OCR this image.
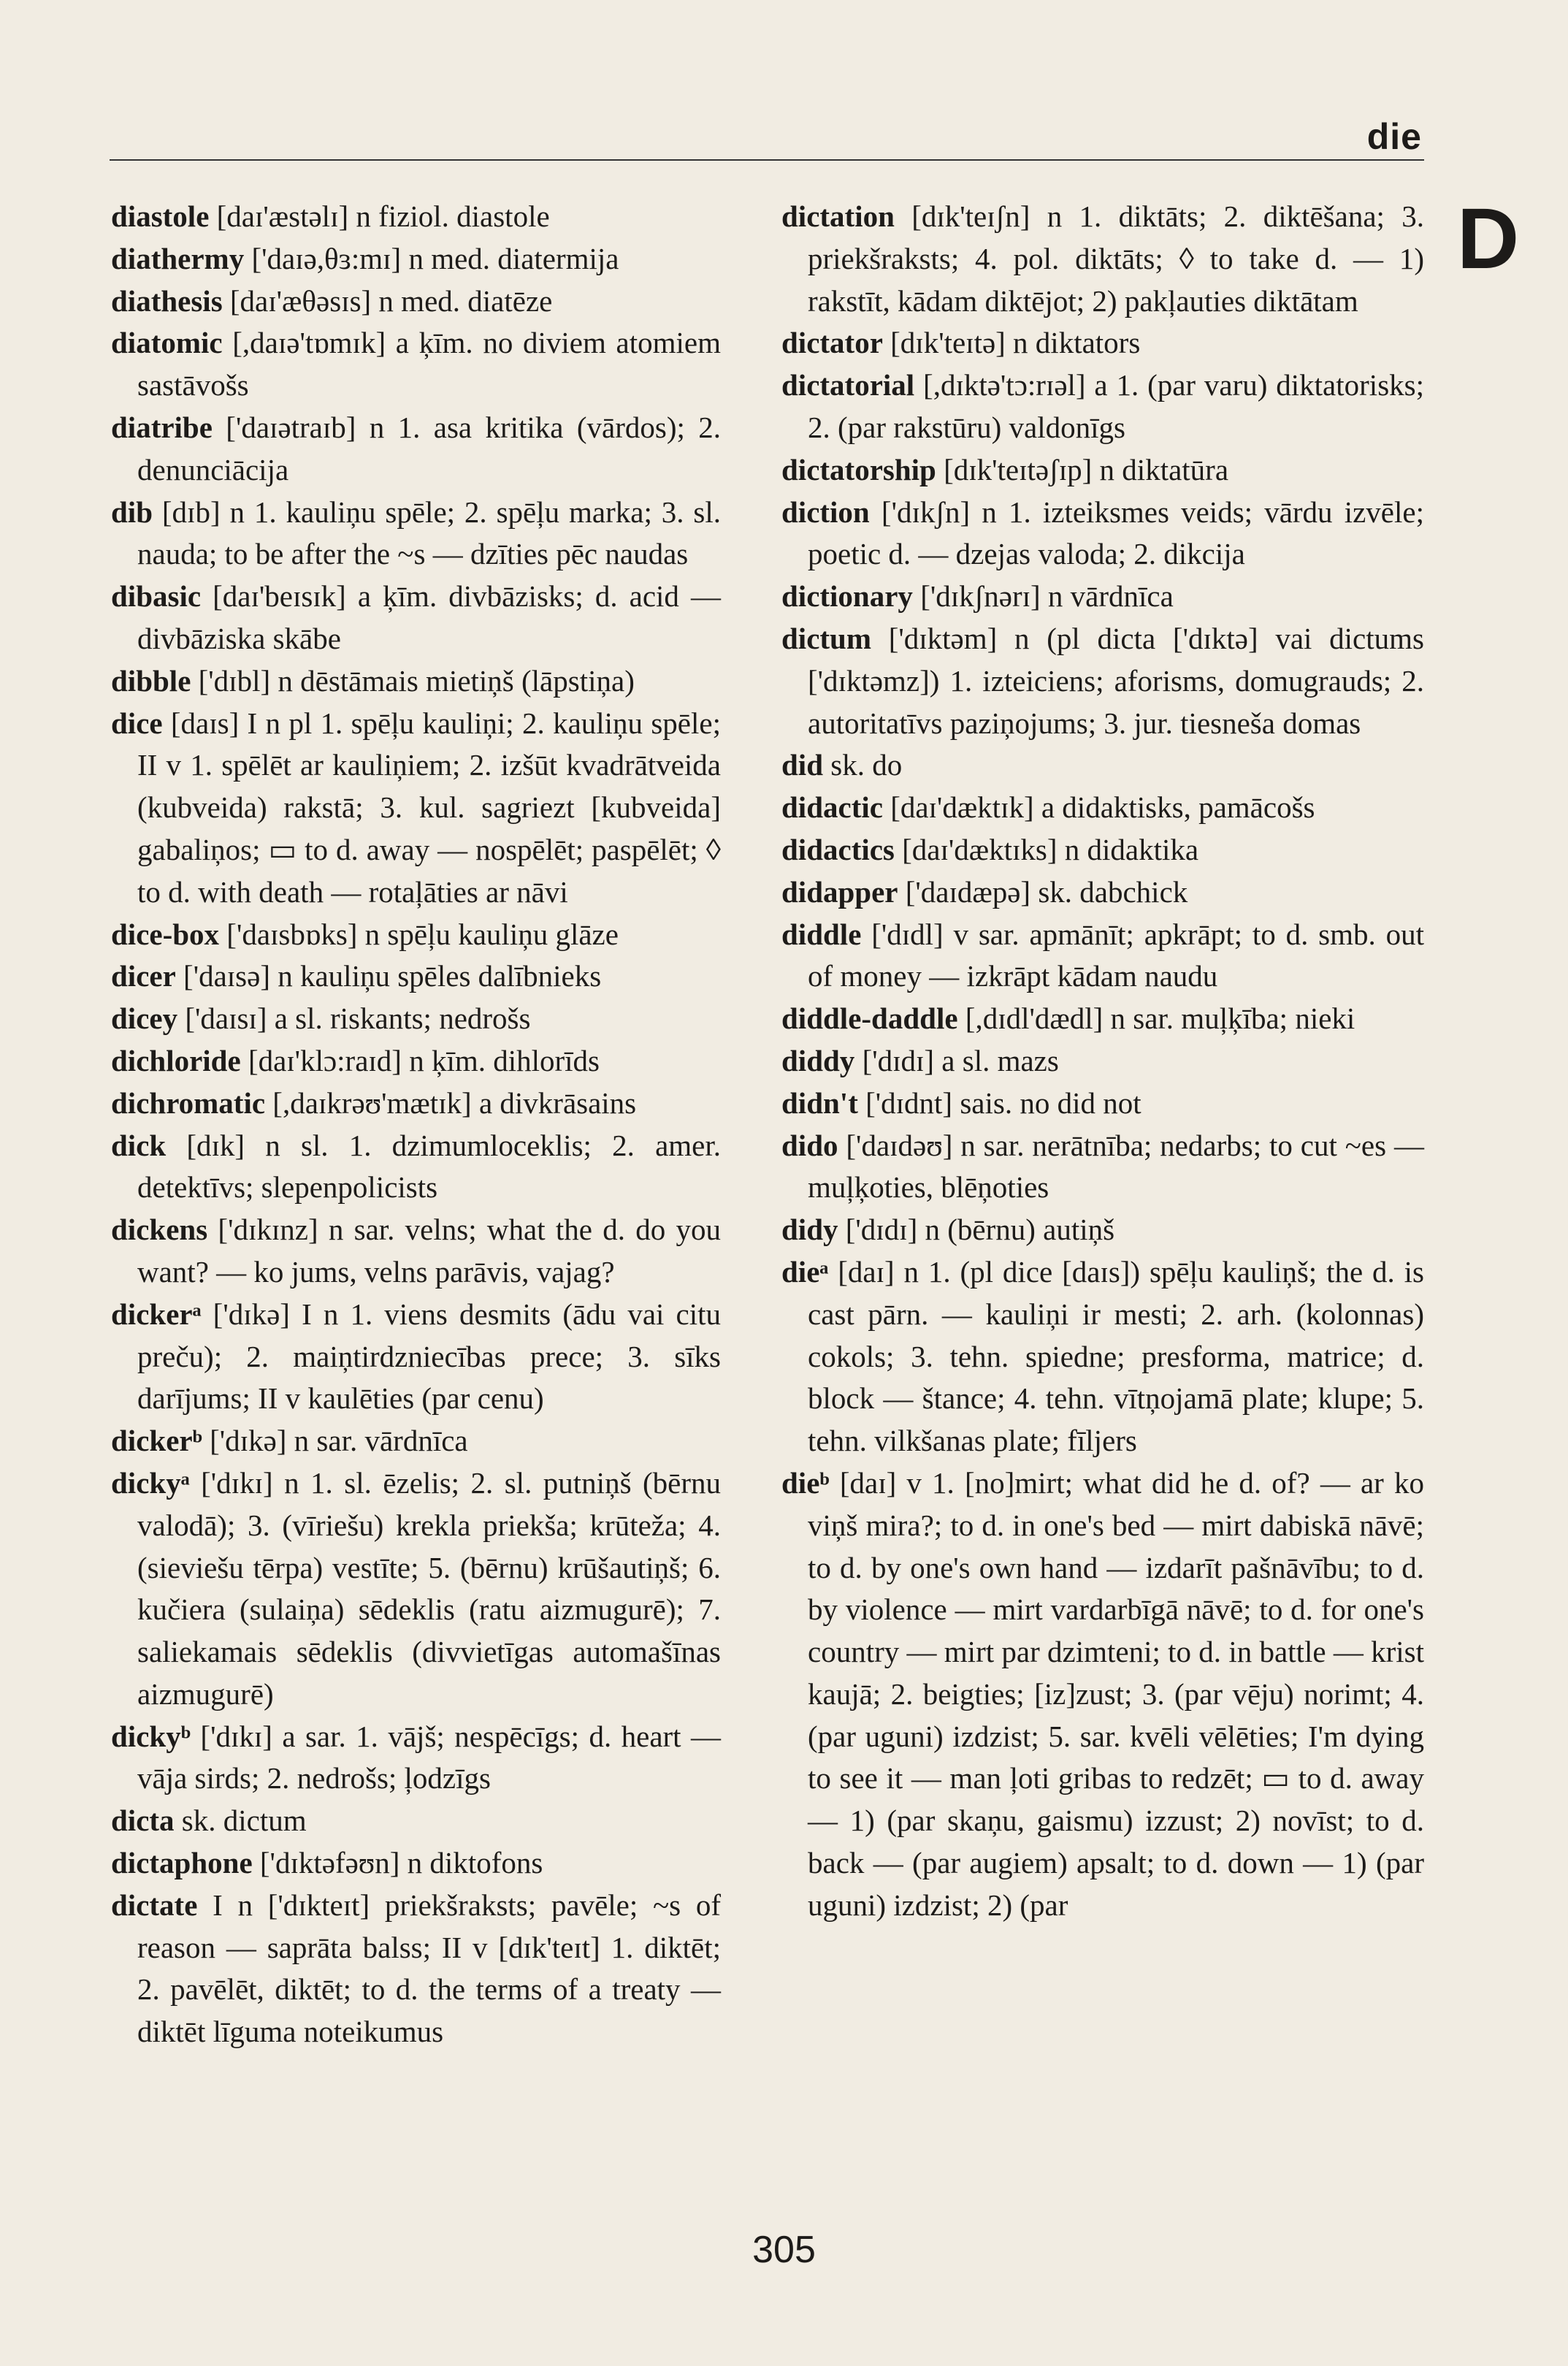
die
D

diastole [daɪ'æstəlɪ] n fiziol. diastole

diathermy ['daɪə,θɜ:mɪ] n med. diatermija

diathesis [daɪ'æθəsɪs] n med. diatēze

diatomic [,daɪə'tɒmɪk] a ķīm. no diviem atomiem sastāvošs

diatribe ['daɪətraɪb] n 1. asa kritika (vārdos); 2. denunciācija

dib [dɪb] n 1. kauliņu spēle; 2. spēļu marka; 3. sl. nauda; to be after the ~s — dzīties pēc naudas

dibasic [daɪ'beɪsɪk] a ķīm. divbāzisks; d. acid — divbāziska skābe

dibble ['dɪbl] n dēstāmais mietiņš (lāpstiņa)

dice [daɪs] I n pl 1. spēļu kauliņi; 2. kauliņu spēle; II v 1. spēlēt ar kauliņiem; 2. izšūt kvadrātveida (kubveida) rakstā; 3. kul. sagriezt [kubveida] gabaliņos; ▭ to d. away — nospēlēt; paspēlēt; ◊ to d. with death — rotaļāties ar nāvi

dice-box ['daɪsbɒks] n spēļu kauliņu glāze

dicer ['daɪsə] n kauliņu spēles dalībnieks

dicey ['daɪsɪ] a sl. riskants; nedrošs

dichloride [daɪ'klɔ:raɪd] n ķīm. dihlorīds

dichromatic [,daɪkrəʊ'mætɪk] a divkrāsains

dick [dɪk] n sl. 1. dzimumloceklis; 2. amer. detektīvs; slepenpolicists

dickens ['dɪkɪnz] n sar. velns; what the d. do you want? — ko jums, velns parāvis, vajag?

dickerᵃ ['dɪkə] I n 1. viens desmits (ādu vai citu preču); 2. maiņtirdzniecības prece; 3. sīks darījums; II v kaulēties (par cenu)

dickerᵇ ['dɪkə] n sar. vārdnīca

dickyᵃ ['dɪkɪ] n 1. sl. ēzelis; 2. sl. putniņš (bērnu valodā); 3. (vīriešu) krekla priekša; krūteža; 4. (sieviešu tērpa) vestīte; 5. (bērnu) krūšautiņš; 6. kučiera (sulaiņa) sēdeklis (ratu aizmugurē); 7. saliekamais sēdeklis (divvietīgas automašīnas aizmugurē)

dickyᵇ ['dɪkɪ] a sar. 1. vājš; nespēcīgs; d. heart — vāja sirds; 2. nedrošs; ļodzīgs

dicta sk. dictum

dictaphone ['dɪktəfəʊn] n diktofons

dictate I n ['dɪkteɪt] priekšraksts; pavēle; ~s of reason — saprāta balss; II v [dɪk'teɪt] 1. diktēt; 2. pavēlēt, diktēt; to d. the terms of a treaty — diktēt līguma noteikumus

dictation [dɪk'teɪʃn] n 1. diktāts; 2. diktēšana; 3. priekšraksts; 4. pol. diktāts; ◊ to take d. — 1) rakstīt, kādam diktējot; 2) pakļauties diktātam

dictator [dɪk'teɪtə] n diktators

dictatorial [,dɪktə'tɔ:rɪəl] a 1. (par varu) diktatorisks; 2. (par rakstūru) valdonīgs

dictatorship [dɪk'teɪtəʃɪp] n diktatūra

diction ['dɪkʃn] n 1. izteiksmes veids; vārdu izvēle; poetic d. — dzejas valoda; 2. dikcija

dictionary ['dɪkʃnərɪ] n vārdnīca

dictum ['dɪktəm] n (pl dicta ['dɪktə] vai dictums ['dɪktəmz]) 1. izteiciens; aforisms, domugrauds; 2. autoritatīvs paziņojums; 3. jur. tiesneša domas

did sk. do

didactic [daɪ'dæktɪk] a didaktisks, pamācošs

didactics [daɪ'dæktɪks] n didaktika

didapper ['daɪdæpə] sk. dabchick

diddle ['dɪdl] v sar. apmānīt; apkrāpt; to d. smb. out of money — izkrāpt kādam naudu

diddle-daddle [,dɪdl'dædl] n sar. muļķība; nieki

diddy ['dɪdɪ] a sl. mazs

didn't ['dɪdnt] sais. no did not

dido ['daɪdəʊ] n sar. nerātnība; nedarbs; to cut ~es — muļķoties, blēņoties

didy ['dɪdɪ] n (bērnu) autiņš

dieᵃ [daɪ] n 1. (pl dice [daɪs]) spēļu kauliņš; the d. is cast pārn. — kauliņi ir mesti; 2. arh. (kolonnas) cokols; 3. tehn. spiedne; presforma, matrice; d. block — štance; 4. tehn. vītņojamā plate; klupe; 5. tehn. vilkšanas plate; fīljers

dieᵇ [daɪ] v 1. [no]mirt; what did he d. of? — ar ko viņš mira?; to d. in one's bed — mirt dabiskā nāvē; to d. by one's own hand — izdarīt pašnāvību; to d. by violence — mirt vardarbīgā nāvē; to d. for one's country — mirt par dzimteni; to d. in battle — krist kaujā; 2. beigties; [iz]zust; 3. (par vēju) norimt; 4. (par uguni) izdzist; 5. sar. kvēli vēlēties; I'm dying to see it — man ļoti gribas to redzēt; ▭ to d. away — 1) (par skaņu, gaismu) izzust; 2) novīst; to d. back — (par augiem) apsalt; to d. down — 1) (par uguni) izdzist; 2) (par

305
